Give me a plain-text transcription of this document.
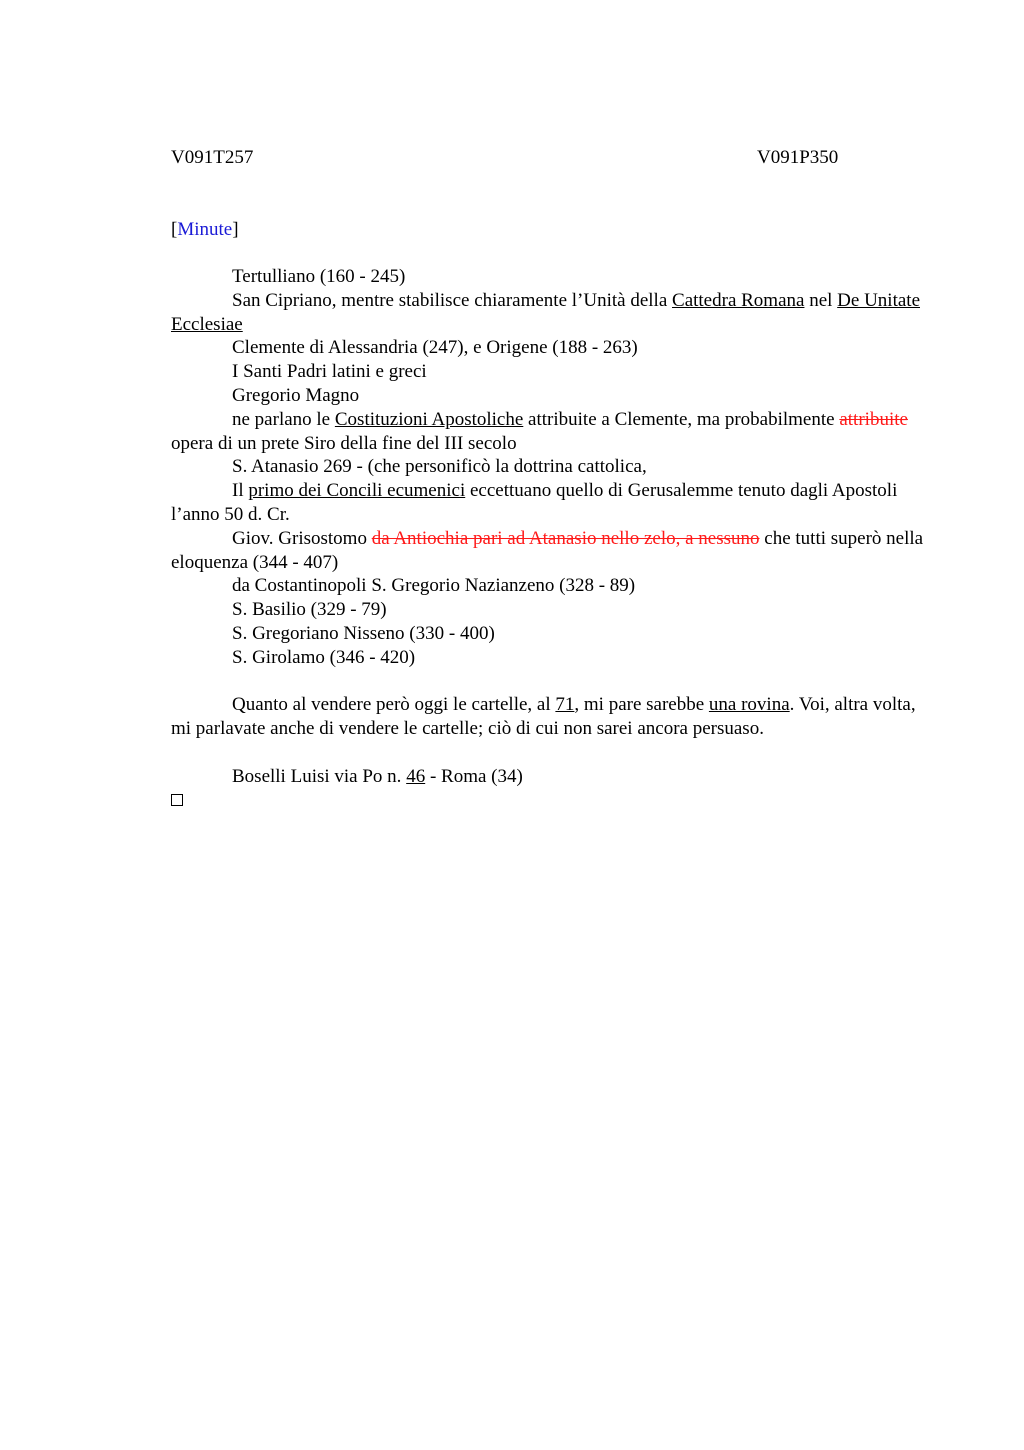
V091T257	V091P350
[Minute]

Tertulliano (160 - 245)

San Cipriano, mentre stabilisce chiaramente l’Unità della Cattedra Romana nel De Unitate Ecclesiae

Clemente di Alessandria (247), e Origene (188 - 263)

I Santi Padri latini e greci

Gregorio Magno

ne parlano le Costituzioni Apostoliche attribuite a Clemente, ma probabilmente attribuite opera di un prete Siro della fine del III secolo

S. Atanasio 269 - (che personificò la dottrina cattolica,

Il primo dei Concili ecumenici eccettuano quello di Gerusalemme tenuto dagli Apostoli l’anno 50 d. Cr.

Giov. Grisostomo da Antiochia pari ad Atanasio nello zelo, a nessuno che tutti superò nella eloquenza (344 - 407)

da Costantinopoli S. Gregorio Nazianzeno (328 - 89)

S. Basilio (329 - 79)

S. Gregoriano Nisseno (330 - 400)

S. Girolamo (346 - 420)

Quanto al vendere però oggi le cartelle, al 71, mi pare sarebbe una rovina. Voi, altra volta, mi parlavate anche di vendere le cartelle; ciò di cui non sarei ancora persuaso.

Boselli Luisi via Po n. 46 - Roma (34)
